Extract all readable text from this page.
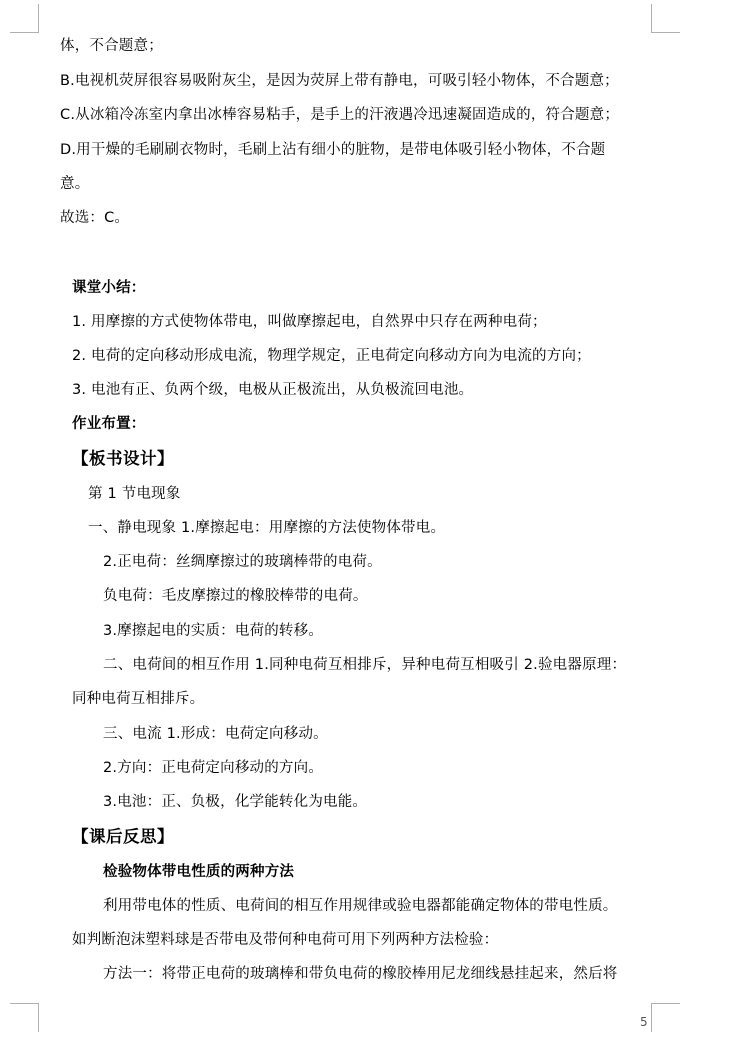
体，不合题意；
B.电视机荧屏很容易吸附灰尘，是因为荧屏上带有静电，可吸引轻小物体，不合题意；
C.从冰箱冷冻室内拿出冰棒容易粘手，是手上的汗液遇冷迅速凝固造成的，符合题意；
D.用干燥的毛刷刷衣物时，毛刷上沾有细小的脏物，是带电体吸引轻小物体，不合题
意。
故选：C。
课堂小结：
1. 用摩擦的方式使物体带电，叫做摩擦起电，自然界中只存在两种电荷；
2. 电荷的定向移动形成电流，物理学规定，正电荷定向移动方向为电流的方向；
3. 电池有正、负两个级，电极从正极流出，从负极流回电池。
作业布置：
【板书设计】
第 1 节电现象
一、静电现象 1.摩擦起电：用摩擦的方法使物体带电。
2.正电荷：丝绸摩擦过的玻璃棒带的电荷。
负电荷：毛皮摩擦过的橡胶棒带的电荷。
3.摩擦起电的实质：电荷的转移。
二、电荷间的相互作用 1.同种电荷互相排斥，异种电荷互相吸引 2.验电器原理：
同种电荷互相排斥。
三、电流 1.形成：电荷定向移动。
2.方向：正电荷定向移动的方向。
3.电池：正、负极，化学能转化为电能。
【课后反思】
检验物体带电性质的两种方法
利用带电体的性质、电荷间的相互作用规律或验电器都能确定物体的带电性质。
如判断泡沫塑料球是否带电及带何种电荷可用下列两种方法检验：
方法一：将带正电荷的玻璃棒和带负电荷的橡胶棒用尼龙细线悬挂起来，然后将
5
